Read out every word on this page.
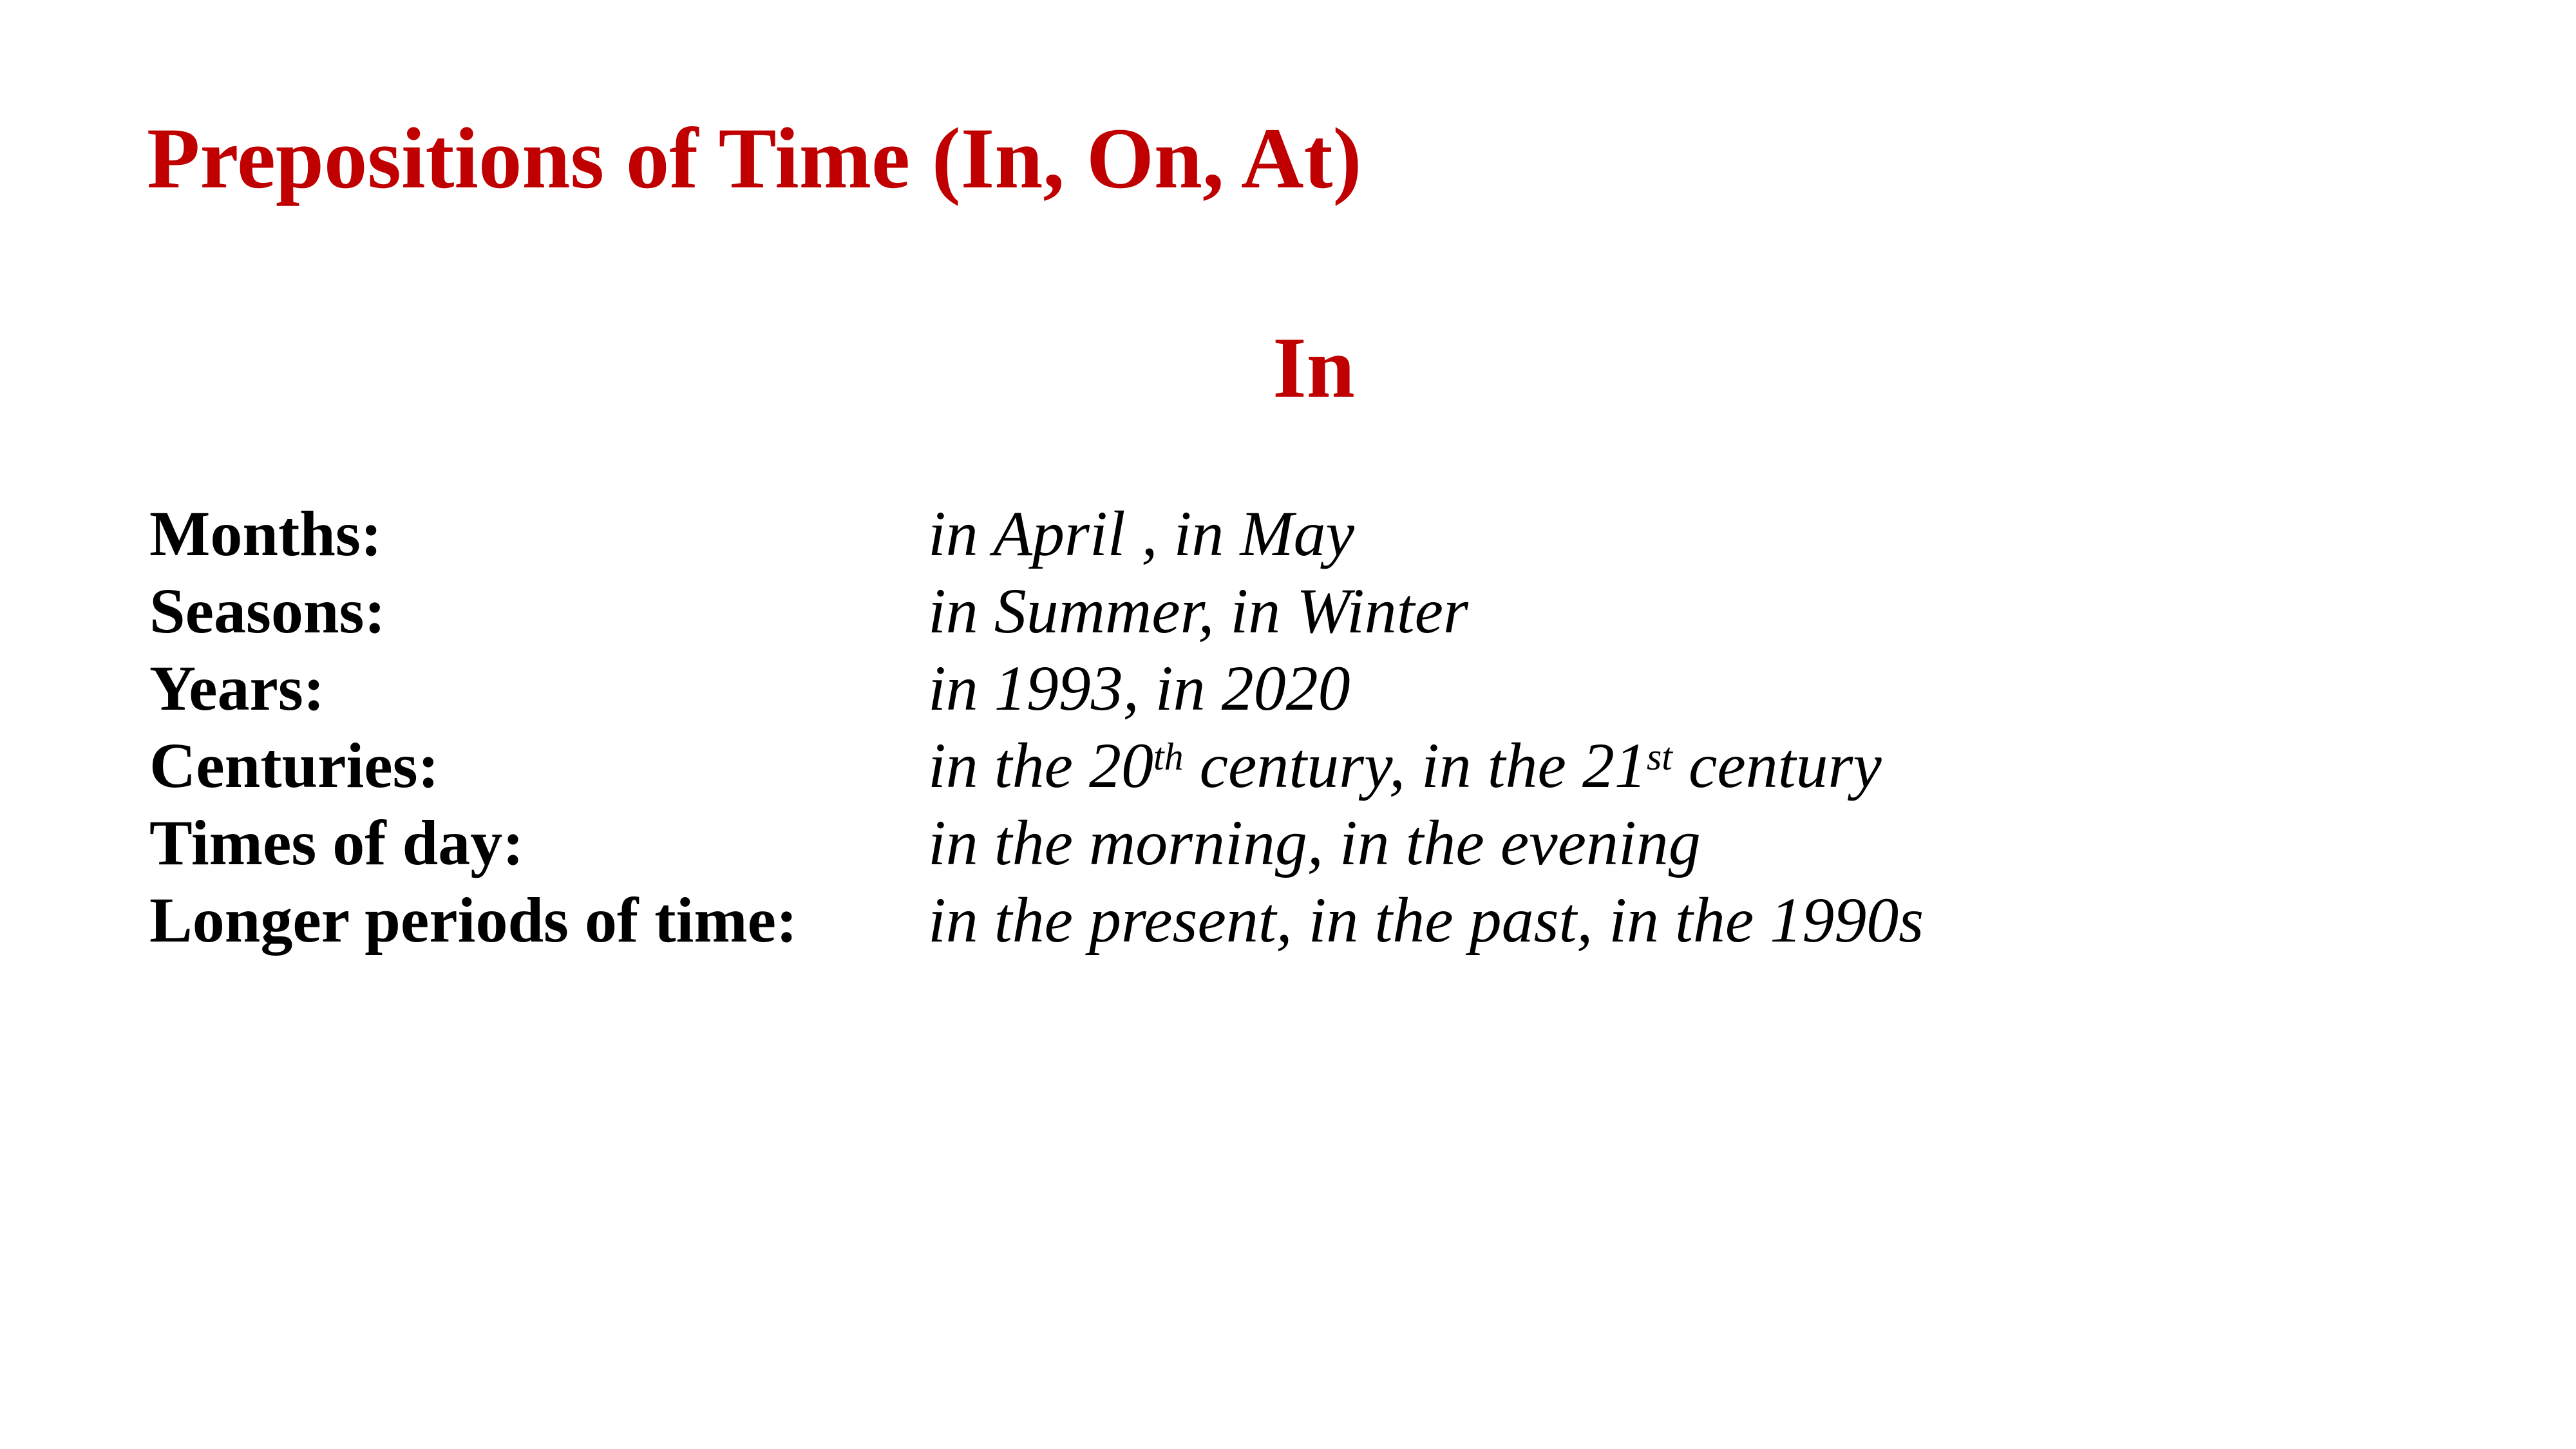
Prepositions of Time (In, On, At)
In
Months:	in April , in May
Seasons:	in Summer, in Winter
Years:	in 1993, in 2020
Centuries:	in the 20th century, in the 21st century
Times of day:	in the morning, in the evening
Longer periods of time:	in the present, in the past, in the 1990s
